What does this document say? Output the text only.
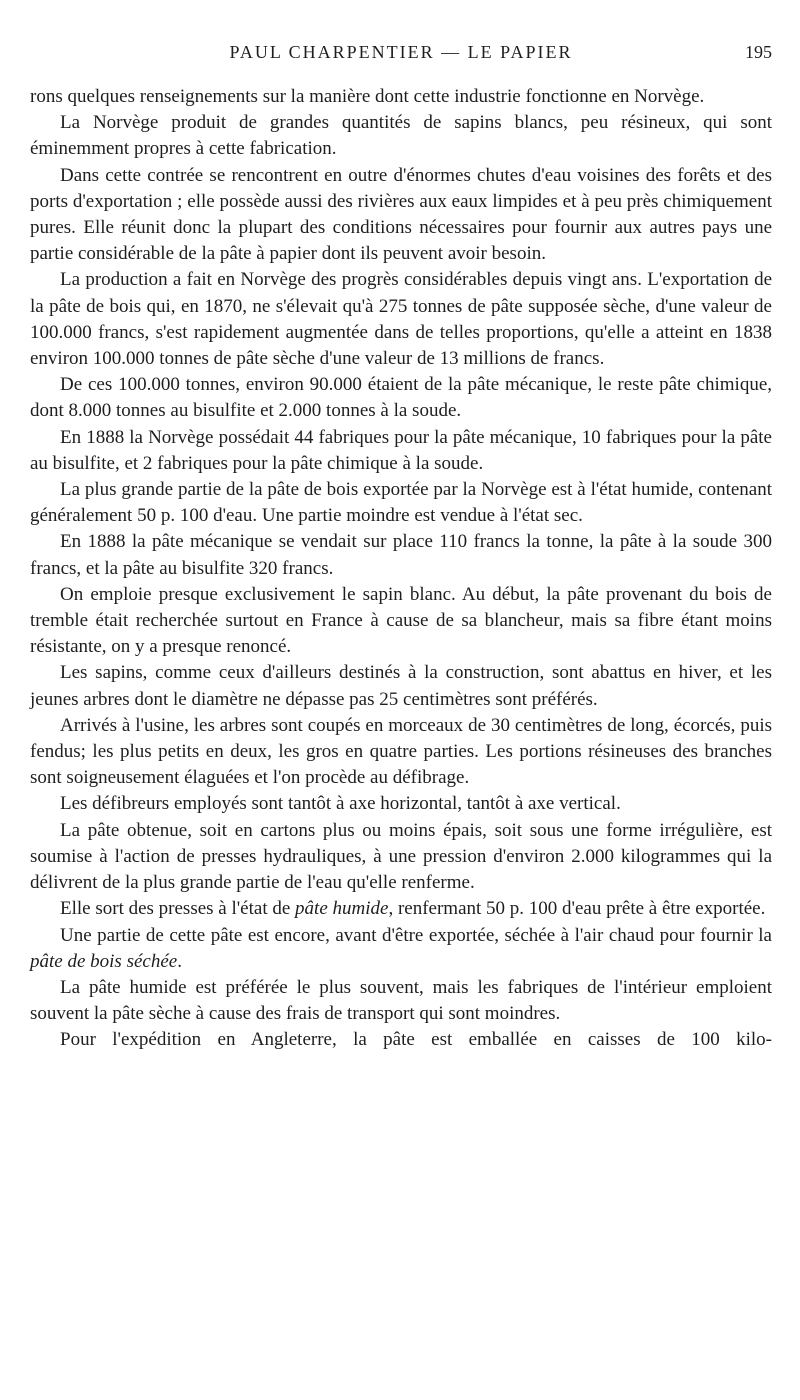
PAUL CHARPENTIER — LE PAPIER	195

rons quelques renseignements sur la manière dont cette industrie fonctionne en Norvège.

La Norvège produit de grandes quantités de sapins blancs, peu résineux, qui sont éminemment propres à cette fabrication.

Dans cette contrée se rencontrent en outre d'énormes chutes d'eau voisines des forêts et des ports d'exportation ; elle possède aussi des rivières aux eaux limpides et à peu près chimiquement pures. Elle réunit donc la plupart des conditions nécessaires pour fournir aux autres pays une partie considérable de la pâte à papier dont ils peuvent avoir besoin.

La production a fait en Norvège des progrès considérables depuis vingt ans. L'exportation de la pâte de bois qui, en 1870, ne s'élevait qu'à 275 tonnes de pâte supposée sèche, d'une valeur de 100.000 francs, s'est rapidement augmentée dans de telles proportions, qu'elle a atteint en 1838 environ 100.000 tonnes de pâte sèche d'une valeur de 13 millions de francs.

De ces 100.000 tonnes, environ 90.000 étaient de la pâte mécanique, le reste pâte chimique, dont 8.000 tonnes au bisulfite et 2.000 tonnes à la soude.

En 1888 la Norvège possédait 44 fabriques pour la pâte mécanique, 10 fabriques pour la pâte au bisulfite, et 2 fabriques pour la pâte chimique à la soude.

La plus grande partie de la pâte de bois exportée par la Norvège est à l'état humide, contenant généralement 50 p. 100 d'eau. Une partie moindre est vendue à l'état sec.

En 1888 la pâte mécanique se vendait sur place 110 francs la tonne, la pâte à la soude 300 francs, et la pâte au bisulfite 320 francs.

On emploie presque exclusivement le sapin blanc. Au début, la pâte provenant du bois de tremble était recherchée surtout en France à cause de sa blancheur, mais sa fibre étant moins résistante, on y a presque renoncé.

Les sapins, comme ceux d'ailleurs destinés à la construction, sont abattus en hiver, et les jeunes arbres dont le diamètre ne dépasse pas 25 centimètres sont préférés.

Arrivés à l'usine, les arbres sont coupés en morceaux de 30 centimètres de long, écorcés, puis fendus; les plus petits en deux, les gros en quatre parties. Les portions résineuses des branches sont soigneusement élaguées et l'on procède au défibrage.

Les défibreurs employés sont tantôt à axe horizontal, tantôt à axe vertical.

La pâte obtenue, soit en cartons plus ou moins épais, soit sous une forme irrégulière, est soumise à l'action de presses hydrauliques, à une pression d'environ 2.000 kilogrammes qui la délivrent de la plus grande partie de l'eau qu'elle renferme.

Elle sort des presses à l'état de pâte humide, renfermant 50 p. 100 d'eau prête à être exportée.

Une partie de cette pâte est encore, avant d'être exportée, séchée à l'air chaud pour fournir la pâte de bois séchée.

La pâte humide est préférée le plus souvent, mais les fabriques de l'intérieur emploient souvent la pâte sèche à cause des frais de transport qui sont moindres.

Pour l'expédition en Angleterre, la pâte est emballée en caisses de 100 kilo-
